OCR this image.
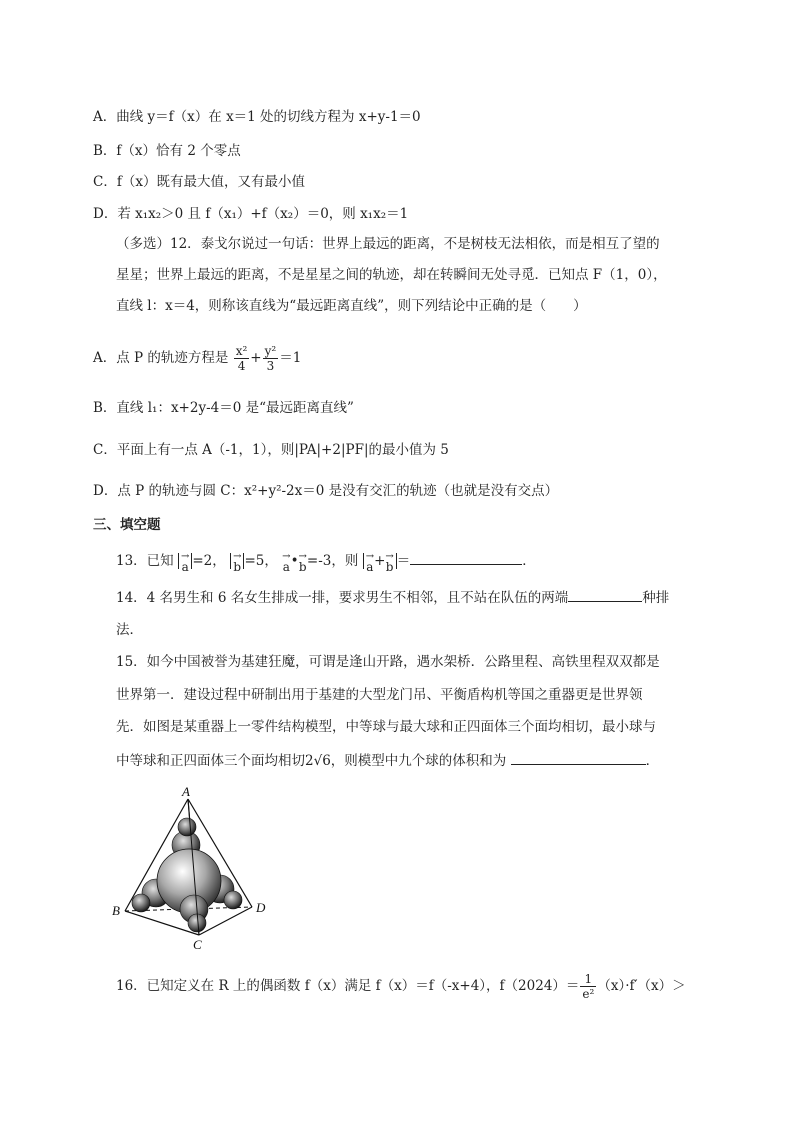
A．曲线 y＝f（x）在 x＝1 处的切线方程为 x+y-1＝0
B．f（x）恰有 2 个零点
C．f（x）既有最大值，又有最小值
D．若 x₁x₂＞0 且 f（x₁）+f（x₂）＝0，则 x₁x₂＝1
（多选）12．泰戈尔说过一句话：世界上最远的距离，不是树枝无法相依，而是相互了望的
星星；世界上最远的距离，不是星星之间的轨迹，却在转瞬间无处寻觅．已知点 F（1，0），
直线 l：x＝4，则称该直线为“最远距离直线”，则下列结论中正确的是（　　）
A．点 P 的轨迹方程是 $\frac{\text{x²}}{4} + \frac{\text{y²}}{3} =1$
B．直线 l₁：x+2y-4＝0 是“最远距离直线”
C．平面上有一点 A（-1，1），则|PA|+2|PF|的最小值为 5
D．点 P 的轨迹与圆 C：x²+y²-2x＝0 是没有交汇的轨迹（也就是没有交点）
三、填空题
13．已知 →
a =2， →
b =5， →
a• →
b=-3，则 →
a+ →
b ＝	．
14．4 名男生和 6 名女生排成一排，要求男生不相邻，且不站在队伍的两端	种排
法．
15．如今中国被誉为基建狂魔，可谓是逢山开路，遇水架桥．公路里程、高铁里程双双都是
世界第一．建设过程中研制出用于基建的大型龙门吊、平衡盾构机等国之重器更是世界领
先．如图是某重器上一零件结构模型，中等球与最大球和正四面体三个面均相切，最小球与
中等球和正四面体三个面均相切2√6，则模型中九个球的体积和为	．
A
B
C
D
16．已知定义在 R 上的偶函数 f（x）满足 f（x）＝f（-x+4），$f(2024)= \frac{1}{\text{e²}} (x)\cdot f'(x)>$
